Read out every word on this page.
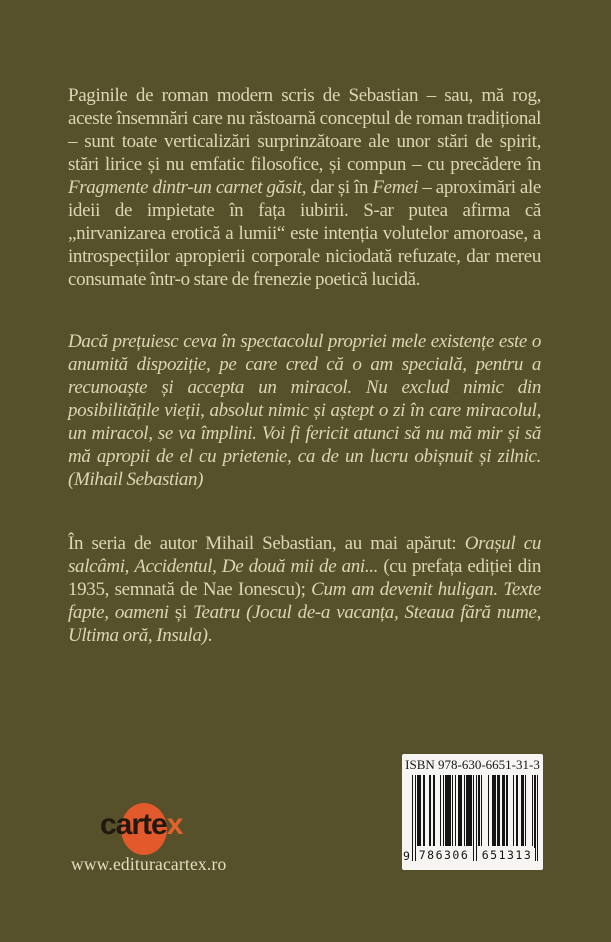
Paginile de roman modern scris de Sebastian – sau, mă rog, aceste însemnări care nu răstoarnă conceptul de roman tradițional – sunt toate verticalizări surprinzătoare ale unor stări de spirit, stări lirice și nu emfatic filosofice, și compun – cu precădere în Fragmente dintr-un carnet găsit, dar și în Femei – aproximări ale ideii de impietate în fața iubirii. S-ar putea afirma că „nirvanizarea erotică a lumii“ este intenția volutelor amoroase, a introspecțiilor apropierii corporale niciodată refuzate, dar mereu consumate într-o stare de frenezie poetică lucidă.

Dacă prețuiesc ceva în spectacolul propriei mele existențe este o anumită dispoziție, pe care cred că o am specială, pentru a recunoaște și accepta un miracol. Nu exclud nimic din posibilitățile vieții, absolut nimic și aștept o zi în care miracolul, un miracol, se va împlini. Voi fi fericit atunci să nu mă mir și să mă apropii de el cu prietenie, ca de un lucru obișnuit și zilnic. (Mihail Sebastian)

În seria de autor Mihail Sebastian, au mai apărut: Orașul cu salcâmi, Accidentul, De două mii de ani... (cu prefața ediției din 1935, semnată de Nae Ionescu); Cum am devenit huligan. Texte fapte, oameni și Teatru (Jocul de-a vacanța, Steaua fără nume, Ultima oră, Insula).

cartex
www.edituracartex.ro
ISBN 978-630-6651-31-3
9 786306 651313
